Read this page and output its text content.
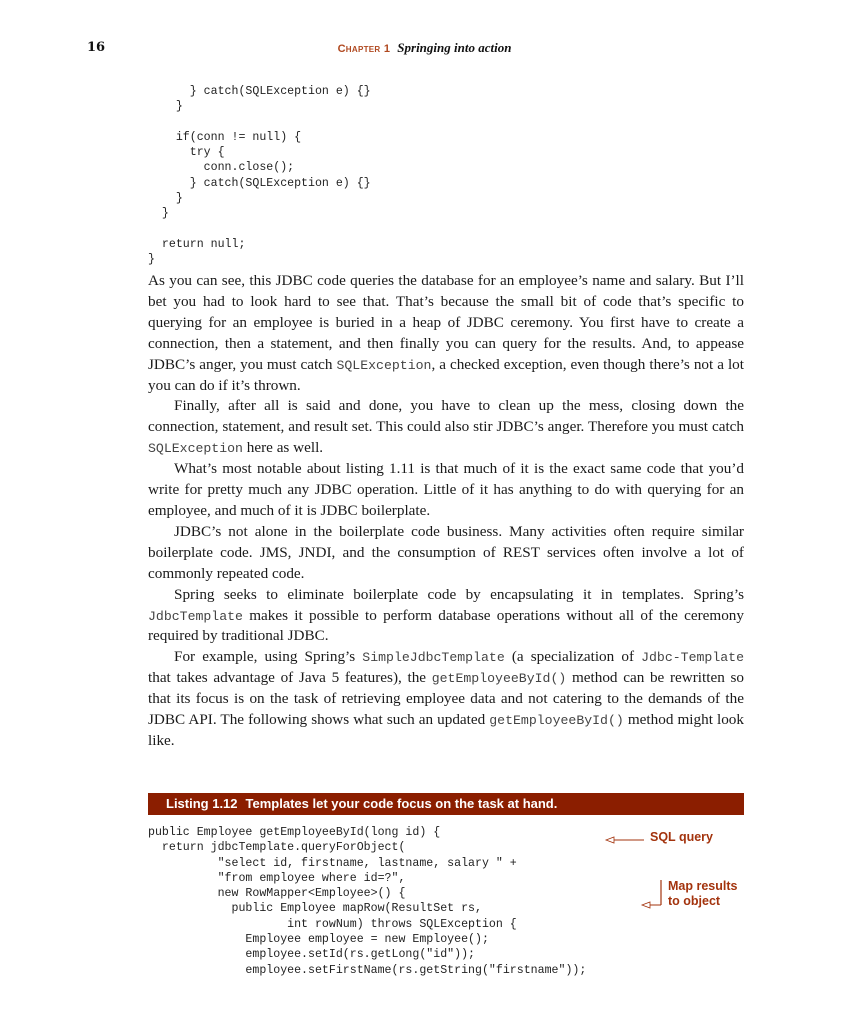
16	Chapter 1 Springing into action
} catch(SQLException e) {}
}

if(conn != null) {
try {
conn.close();
} catch(SQLException e) {}
}
}

return null;
}

As you can see, this JDBC code queries the database for an employee’s name and salary. But I’ll bet you had to look hard to see that. That’s because the small bit of code that’s specific to querying for an employee is buried in a heap of JDBC ceremony. You first have to create a connection, then a statement, and then finally you can query for the results. And, to appease JDBC’s anger, you must catch SQLException, a checked exception, even though there’s not a lot you can do if it’s thrown.

Finally, after all is said and done, you have to clean up the mess, closing down the connection, statement, and result set. This could also stir JDBC’s anger. Therefore you must catch SQLException here as well.

What’s most notable about listing 1.11 is that much of it is the exact same code that you’d write for pretty much any JDBC operation. Little of it has anything to do with querying for an employee, and much of it is JDBC boilerplate.

JDBC’s not alone in the boilerplate code business. Many activities often require similar boilerplate code. JMS, JNDI, and the consumption of REST services often involve a lot of commonly repeated code.

Spring seeks to eliminate boilerplate code by encapsulating it in templates. Spring’s JdbcTemplate makes it possible to perform database operations without all of the ceremony required by traditional JDBC.

For example, using Spring’s SimpleJdbcTemplate (a specialization of Jdbc-Template that takes advantage of Java 5 features), the getEmployeeById() method can be rewritten so that its focus is on the task of retrieving employee data and not catering to the demands of the JDBC API. The following shows what such an updated getEmployeeById() method might look like.

Listing 1.12 Templates let your code focus on the task at hand.
public Employee getEmployeeById(long id) {
return jdbcTemplate.queryForObject(
"select id, firstname, lastname, salary " +
"from employee where id=?",
new RowMapper<Employee>() {
public Employee mapRow(ResultSet rs,
int rowNum) throws SQLException {
Employee employee = new Employee();
employee.setId(rs.getLong("id"));
employee.setFirstName(rs.getString("firstname"));
SQL query
Map results
to object
